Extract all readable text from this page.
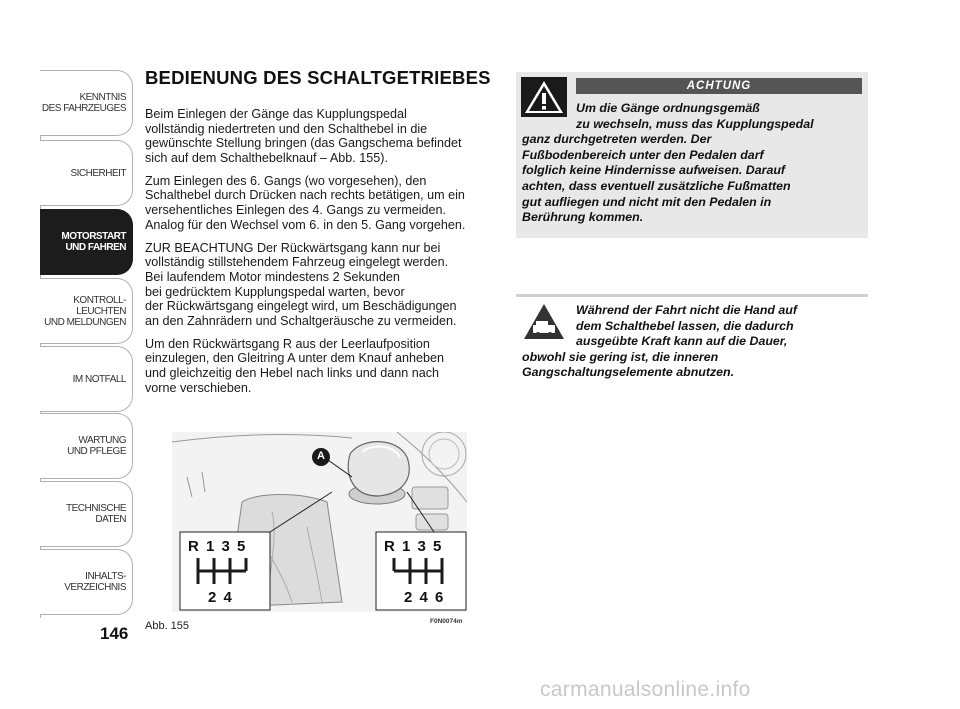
KENNTNIS
DES FAHRZEUGES
SICHERHEIT
MOTORSTART
UND FAHREN
KONTROLL-
LEUCHTEN
UND MELDUNGEN
IM NOTFALL
WARTUNG
UND PFLEGE
TECHNISCHE
DATEN
INHALTS-
VERZEICHNIS
146
BEDIENUNG DES SCHALTGETRIEBES

Beim Einlegen der Gänge das Kupplungspedal
vollständig niedertreten und den Schalthebel in die
gewünschte Stellung bringen (das Gangschema befindet
sich auf dem Schalthebelknauf – Abb. 155).

Zum Einlegen des 6. Gangs (wo vorgesehen), den
Schalthebel durch Drücken nach rechts betätigen, um ein
versehentliches Einlegen des 4. Gangs zu vermeiden.
Analog für den Wechsel vom 6. in den 5. Gang vorgehen.

ZUR BEACHTUNG Der Rückwärtsgang kann nur bei
vollständig stillstehendem Fahrzeug eingelegt werden.
Bei laufendem Motor mindestens 2 Sekunden
bei gedrücktem Kupplungspedal warten, bevor
der Rückwärtsgang eingelegt wird, um Beschädigungen
an den Zahnrädern und Schaltgeräusche zu vermeiden.

Um den Rückwärtsgang R aus der Leerlaufposition
einzulegen, den Gleitring A unter dem Knauf anheben
und gleichzeitig den Hebel nach links und dann nach
vorne verschieben.

A
R 1 3 5
2 4
R 1 3 5
2 4 6
Abb. 155	F0N0074m
ACHTUNG
Um die Gänge ordnungsgemäß
zu wechseln, muss das Kupplungspedal
ganz durchgetreten werden. Der
Fußbodenbereich unter den Pedalen darf
folglich keine Hindernisse aufweisen. Darauf
achten, dass eventuell zusätzliche Fußmatten
gut aufliegen und nicht mit den Pedalen in
Berührung kommen.
Während der Fahrt nicht die Hand auf
dem Schalthebel lassen, die dadurch
ausgeübte Kraft kann auf die Dauer,
obwohl sie gering ist, die inneren
Gangschaltungselemente abnutzen.
carmanualsonline.info
